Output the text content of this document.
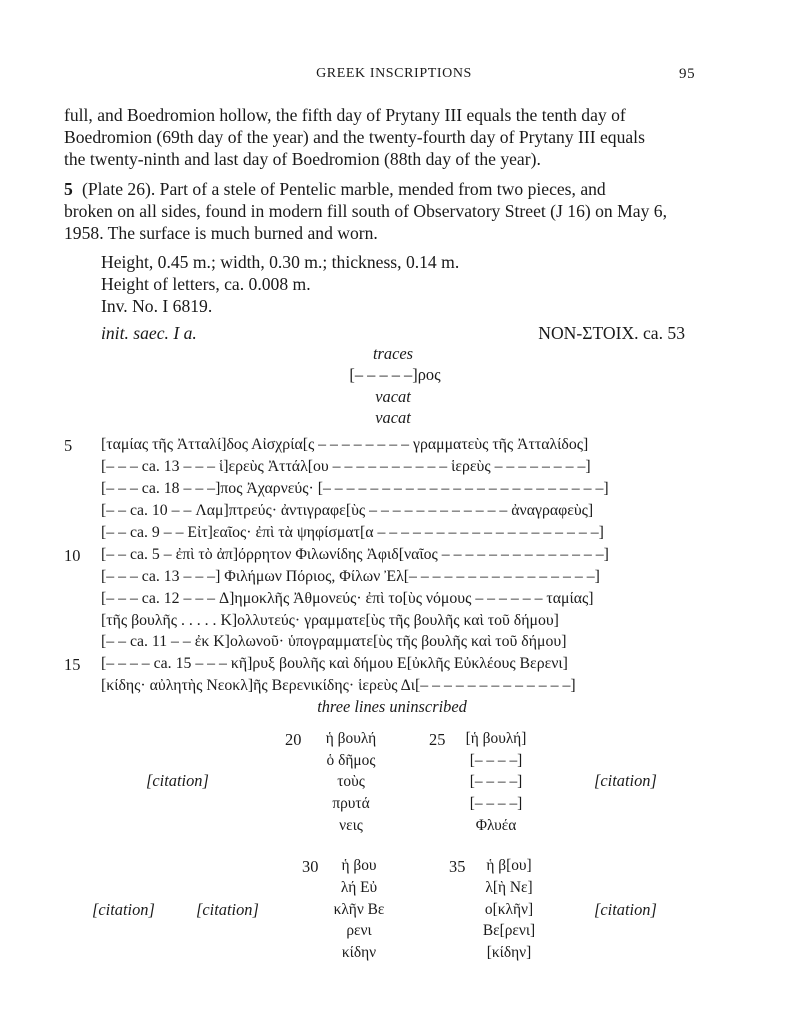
GREEK INSCRIPTIONS	95
full, and Boedromion hollow, the fifth day of Prytany III equals the tenth day of
Boedromion (69th day of the year) and the twenty-fourth day of Prytany III equals
the twenty-ninth and last day of Boedromion (88th day of the year).
5 (Plate 26). Part of a stele of Pentelic marble, mended from two pieces, and
broken on all sides, found in modern fill south of Observatory Street (J 16) on May 6,
1958. The surface is much burned and worn.
Height, 0.45 m.; width, 0.30 m.; thickness, 0.14 m.
Height of letters, ca. 0.008 m.
Inv. No. I 6819.
init. saec. I a.	NON-ΣΤΟΙΧ. ca. 53
traces
[– – – – –]ρος
vacat
vacat
5
10
15
[ταμίας τῆς Ἀτταλί]δος Αἰσχρία[ς – – – – – – – – γραμματεὺς τῆς Ἀτταλίδος]
[– – – ca. 13 – – – ἱ]ερεὺς Ἀττάλ[ου – – – – – – – – – – ἱερεὺς – – – – – – – –]
[– – – ca. 18 – – –]πος Ἀχαρνεύς· [– – – – – – – – – – – – – – – – – – – – – – – –]
[– – ca. 10 – – Λαμ]πτρεύς· ἀντιγραφε[ὺς – – – – – – – – – – – – ἀναγραφεὺς]
[– – ca. 9 – – Εἰτ]εαῖος· ἐπὶ τὰ ψηφίσματ[α – – – – – – – – – – – – – – – – – – –]
[– – ca. 5 – ἐπὶ τὸ ἀπ]όρρητον Φιλωνίδης Ἀφιδ[ναῖος – – – – – – – – – – – – – –]
[– – – ca. 13 – – –] Φιλήμων Πόριος, Φίλων Ἐλ[– – – – – – – – – – – – – – – –]
[– – – ca. 12 – – – Δ]ημοκλῆς Ἀθμονεύς· ἐπὶ το[ὺς νόμους – – – – – – ταμίας]
[τῆς βουλῆς . . . . . K]ολλυτεύς· γραμματε[ὺς τῆς βουλῆς καὶ τοῦ δήμου]
[– – ca. 11 – – ἐκ K]ολωνοῦ· ὑπογραμματε[ὺς τῆς βουλῆς καὶ τοῦ δήμου]
[– – – – ca. 15 – – – κῆ]ρυξ βουλῆς καὶ δήμου Ε[ὐκλῆς Εὐκλέους Βερενι]
[κίδης· αὐλητὴς Νεοκλ]ῆς Βερενικίδης· ἱερεὺς Δι[– – – – – – – – – – – – –]
three lines uninscribed
[citation]	[citation]
20 ἡ βουλή
ὁ δῆμος
τοὺς
πρυτά
νεις
25 [ἡ βουλή]
[– – – –]
[– – – –]
[– – – –]
Φλυέα
[citation]	[citation]	[citation]
30 ἡ βου
λή Εὐ
κλῆν Βε
ρενι
κίδην
35 ἡ β[ου]
λ[ὴ Νε]
ο[κλῆν]
Βε[ρενι]
[κίδην]
